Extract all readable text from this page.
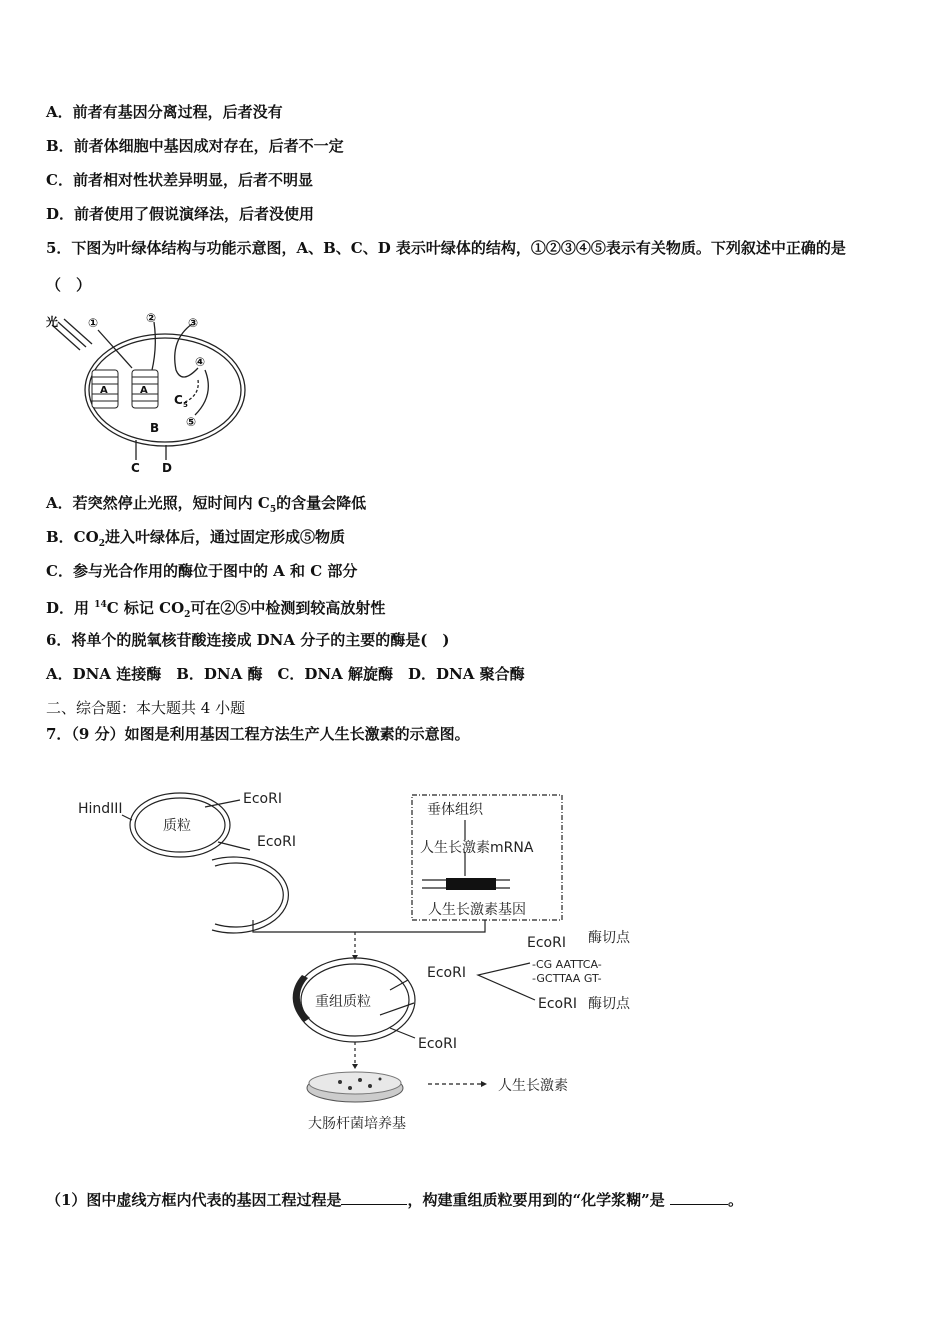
A．前者有基因分离过程，后者没有
B．前者体细胞中基因成对存在，后者不一定
C．前者相对性状差异明显，后者不明显
D．前者使用了假说演绎法，后者没使用
5．下图为叶绿体结构与功能示意图，A、B、C、D 表示叶绿体的结构，①②③④⑤表示有关物质。下列叙述中正确的是
（　）
光 ①	②	③
④
⑤
A	A
B
C D
C 5
A．若突然停止光照，短时间内 $C_5$的含量会降低
B．$CO_2$进入叶绿体后，通过固定形成⑤物质
C．参与光合作用的酶位于图中的 A 和 C 部分
D．用 $^{14}$C 标记 $CO_2$可在②⑤中检测到较高放射性
6．将单个的脱氧核苷酸连接成 DNA 分子的主要的酶是(　)
A．DNA 连接酶　B．DNA 酶　C．DNA 解旋酶　D．DNA 聚合酶
二、综合题：本大题共 4 小题
7．（9 分）如图是利用基因工程方法生产人生长激素的示意图。
HindIII
质粒
EcoRI
EcoRI
垂体组织
人生长激素mRNA
人生长激素基因
重组质粒
EcoRI
EcoRI
EcoRI
EcoRI
酶切点
酶切点
-CG AATTCA-
-GCTTAA GT-
大肠杆菌培养基
人生长激素
（1）图中虚线方框内代表的基因工程过程是	，构建重组质粒要用到的“化学浆糊”是	。
